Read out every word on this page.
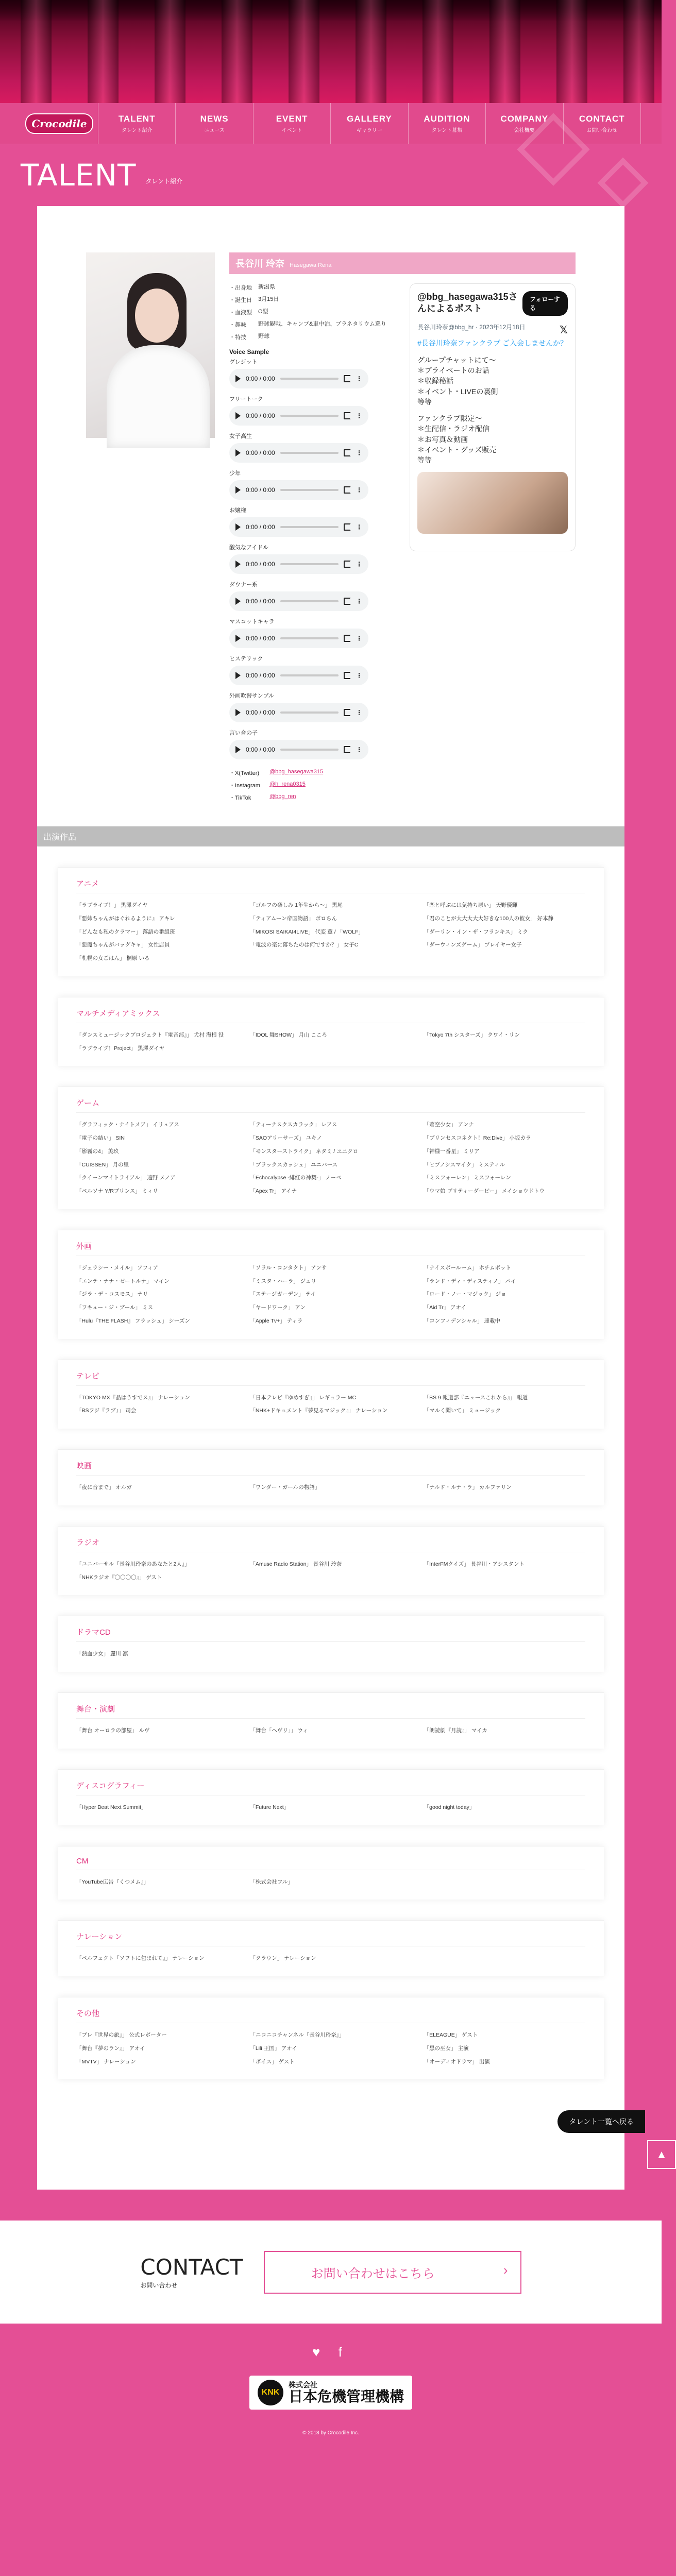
Crocodile	TALENT
タレント紹介
NEWS
ニュース
EVENT
イベント
GALLERY
ギャラリー
AUDITION
タレント募集
COMPANY
会社概要
CONTACT
お問い合わせ
TALENT タレント紹介
長谷川 玲奈 Hasegawa Rena
・ 出身地	新潟県
・ 誕生日	3月15日
・ 血液型	O型
・ 趣味	野球観戦、キャンプ&車中泊、プラネタリウム巡り
・ 特技	野球
Voice Sample
グレジット
0:00 / 0:00	⋮
フリートーク
0:00 / 0:00	⋮
女子高生
0:00 / 0:00	⋮
少年
0:00 / 0:00	⋮
お嬢様
0:00 / 0:00	⋮
酸気なアイドル
0:00 / 0:00	⋮
ダウナー系
0:00 / 0:00	⋮
マスコットキャラ
0:00 / 0:00	⋮
ヒステリック
0:00 / 0:00	⋮
外画吹替サンプル
0:00 / 0:00	⋮
言い合の子
0:00 / 0:00	⋮
・ X(Twitter)	@bbg_hasegawa315
・ Instagram	@h_rena0315
・ TikTok	@bbg_ren
@bbg_hasegawa315さんによるポスト
フォローする
𝕏

長谷川玲奈@bbg_hr · 2023年12月18日

#長谷川玲奈ファンクラブ ご入会しませんか？

グループチャットにて〜
＊プライベートのお話
＊収録秘話
＊イベント・LIVEの裏側
等等

ファンクラブ限定〜
＊生配信・ラジオ配信
＊お写真＆動画
＊イベント・グッズ販売
等等

出演作品
アニメ
「ラブライブ！」 黒澤ダイヤ	「ゴルフの楽しみ 1年生から〜」 黒尾	「恋と呼ぶには気持ち悪い」 天野優輝
『悪姉ちゃんがはぐれるように』 アキレ	「ティアムーン帝国物語」 ボロちん	「君のことが大大大大大好きな100人の彼女」 好本静
「どんなも私のクラマー」 落語の番組班	「MIKOSI SAIKAI4LIVE」 代変 薫 / 「WOLF」	「ダーリン・イン・ザ・フランキス」 ミク
「悪魔ちゃんがバッグキャ」 女性店員	「電波の楽に落ちたのは何ですか？」 女子C	「ダーウィンズゲーム」 プレイヤー女子
「札幌の女ごはん」 桐原 いる
マルチメディアミックス
「ダンスミュージックプロジェクト『電音部』」 犬村 海根 役	「IDOL 舞SHOW」 月山 こころ	「Tokyo 7th シスターズ」 クワイ・リン
「ラブライブ！Project」 黒澤ダイヤ
ゲーム
「グラフィック・ナイトメア」 イリュアス	「ティーナスクスカラック」 レアス	「蒼空少女」 アンナ
「電子の結い」 SIN	「SAOアリーサーズ」 ユキノ	「ブリンセスコネクト！Re:Dive」 小坂カラ
「影霧の4」 美玖	「モンスターストライク」 ネタミ / ユニクロ	「神様一番星」 ミリア
「CUISSEN」 月の里	「ブラックスカッシュ」 ユニバース	「ヒプノシスマイク」 ミスティル
「クイーンマイトライアル」 遠野 メノア	「Echocalypse -緋紅の神契-」 ノーベ	「ミスフォーレン」 ミスフォーレン
「ペルソナ Y/Rプリンス」 ミィリ	「Apex Tr」 アイナ	「ウマ娘 プリティーダービー」 メイショウドトウ
外画
「ジェラシー・メイル」 ソフィア	「ソラル・コンタクト」 アンサ	「ナイスボールーム」 ホチムボット
「エンテ・ナナ・ゼートルナ」 マイン	「ミスタ・ハーラ」 ジュリ	「ランド・ディ・ディスティノ」 パイ
「ジラ・デ・コスモス」 ナリ	「ステージガーデン」 テイ	「ロード・ノー・マジック」 ジョ
「フキュー・ジ・ブール」 ミス	「ヤードワーク」 アン	「Aid Tr」 アオイ
「Hulu『THE FLASH』 フラッシュ」 シーズン	「Apple Tv+」 ティラ	「コンフィデンシャル」 連載中
テレビ
「TOKYO MX『品はうすでス』」 ナレーション	「日本テレビ『ゆめすぎ』」 レギュラー MC	「BS 9 報道部『ニュースこれから』」 報道
「BSフジ『ラブ』」 司会	「NHK+ドキュメント『夢見るマジック』」 ナレーション	「マルく聞いて」 ミュージック
映画
「夜に音まで」 オルガ	「ワンダー・ガールの物語」	「ナルド・ルナ・ラ」 カルファリン
ラジオ
「ユニバーサル『長谷川玲奈のあなたと2人』」	「Amuse Radio Station」 長谷川 玲奈	「InterFMクイズ」 長谷川・アシスタント
「NHKラジオ『〇〇〇〇』」 ゲスト
ドラマCD
「熱血少女」 麗川 凛
舞台・演劇
「舞台 オーロラの部屋」 ルヴ	「舞台「ヘヴリ」」 ウィ	「朗読劇『月読』」 マイカ
ディスコグラフィー
「Hyper Beat Next Summit」	「Future Next」	「good night today」
CM
「YouTube広告『くつメム』」	「株式会社フル」
ナレーション
「ペルフェクト『ソフトに包まれて』」 ナレーション	「クラウン」 ナレーション
その他
「ブレ『世界の旅』」 公式レポーター	「ニコニコチャンネル『長谷川玲奈』」	「ELEAGUE」 ゲスト
「舞台『夢のラン』」 アオイ	「Lili 王国」 アオイ	「黒の巫女」 主演
「MVTV」 ナレーション	「ボイス」 ゲスト	「オーディオドラマ」 出演
タレント一覧へ戻る
▲
CONTACT
お問い合わせ
お問い合わせはこちら	›
♥ f
KNK
株式会社
日本危機管理機構
© 2018 by Crocodile Inc.
